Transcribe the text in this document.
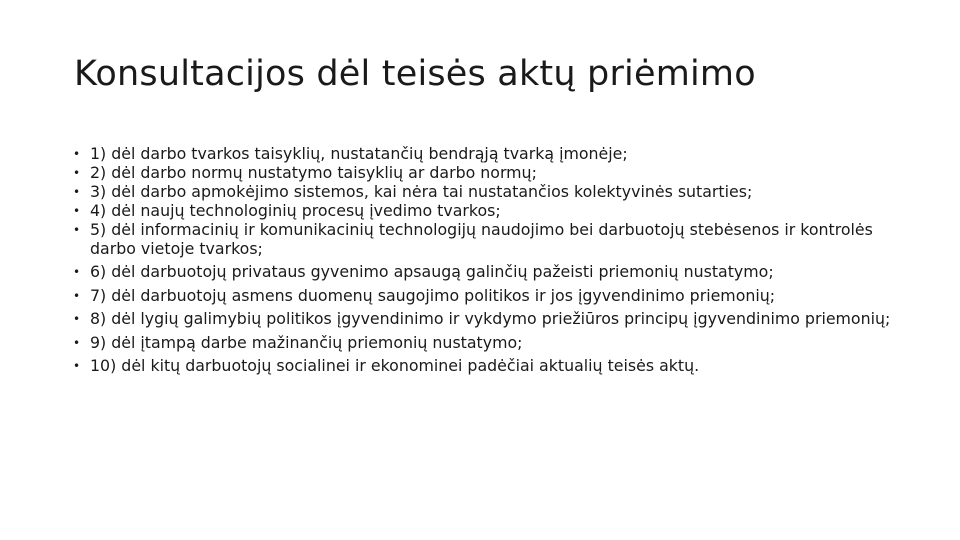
Konsultacijos dėl teisės aktų priėmimo
• 1) dėl darbo tvarkos taisyklių, nustatančių bendrąją tvarką įmonėje;
• 2) dėl darbo normų nustatymo taisyklių ar darbo normų;
• 3) dėl darbo apmokėjimo sistemos, kai nėra tai nustatančios kolektyvinės sutarties;
• 4) dėl naujų technologinių procesų įvedimo tvarkos;
• 5) dėl informacinių ir komunikacinių technologijų naudojimo bei darbuotojų stebėsenos ir kontrolės darbo vietoje tvarkos;
• 6) dėl darbuotojų privataus gyvenimo apsaugą galinčių pažeisti priemonių nustatymo;
• 7) dėl darbuotojų asmens duomenų saugojimo politikos ir jos įgyvendinimo priemonių;
• 8) dėl lygių galimybių politikos įgyvendinimo ir vykdymo priežiūros principų įgyvendinimo priemonių;
• 9) dėl įtampą darbe mažinančių priemonių nustatymo;
• 10) dėl kitų darbuotojų socialinei ir ekonominei padėčiai aktualių teisės aktų.
